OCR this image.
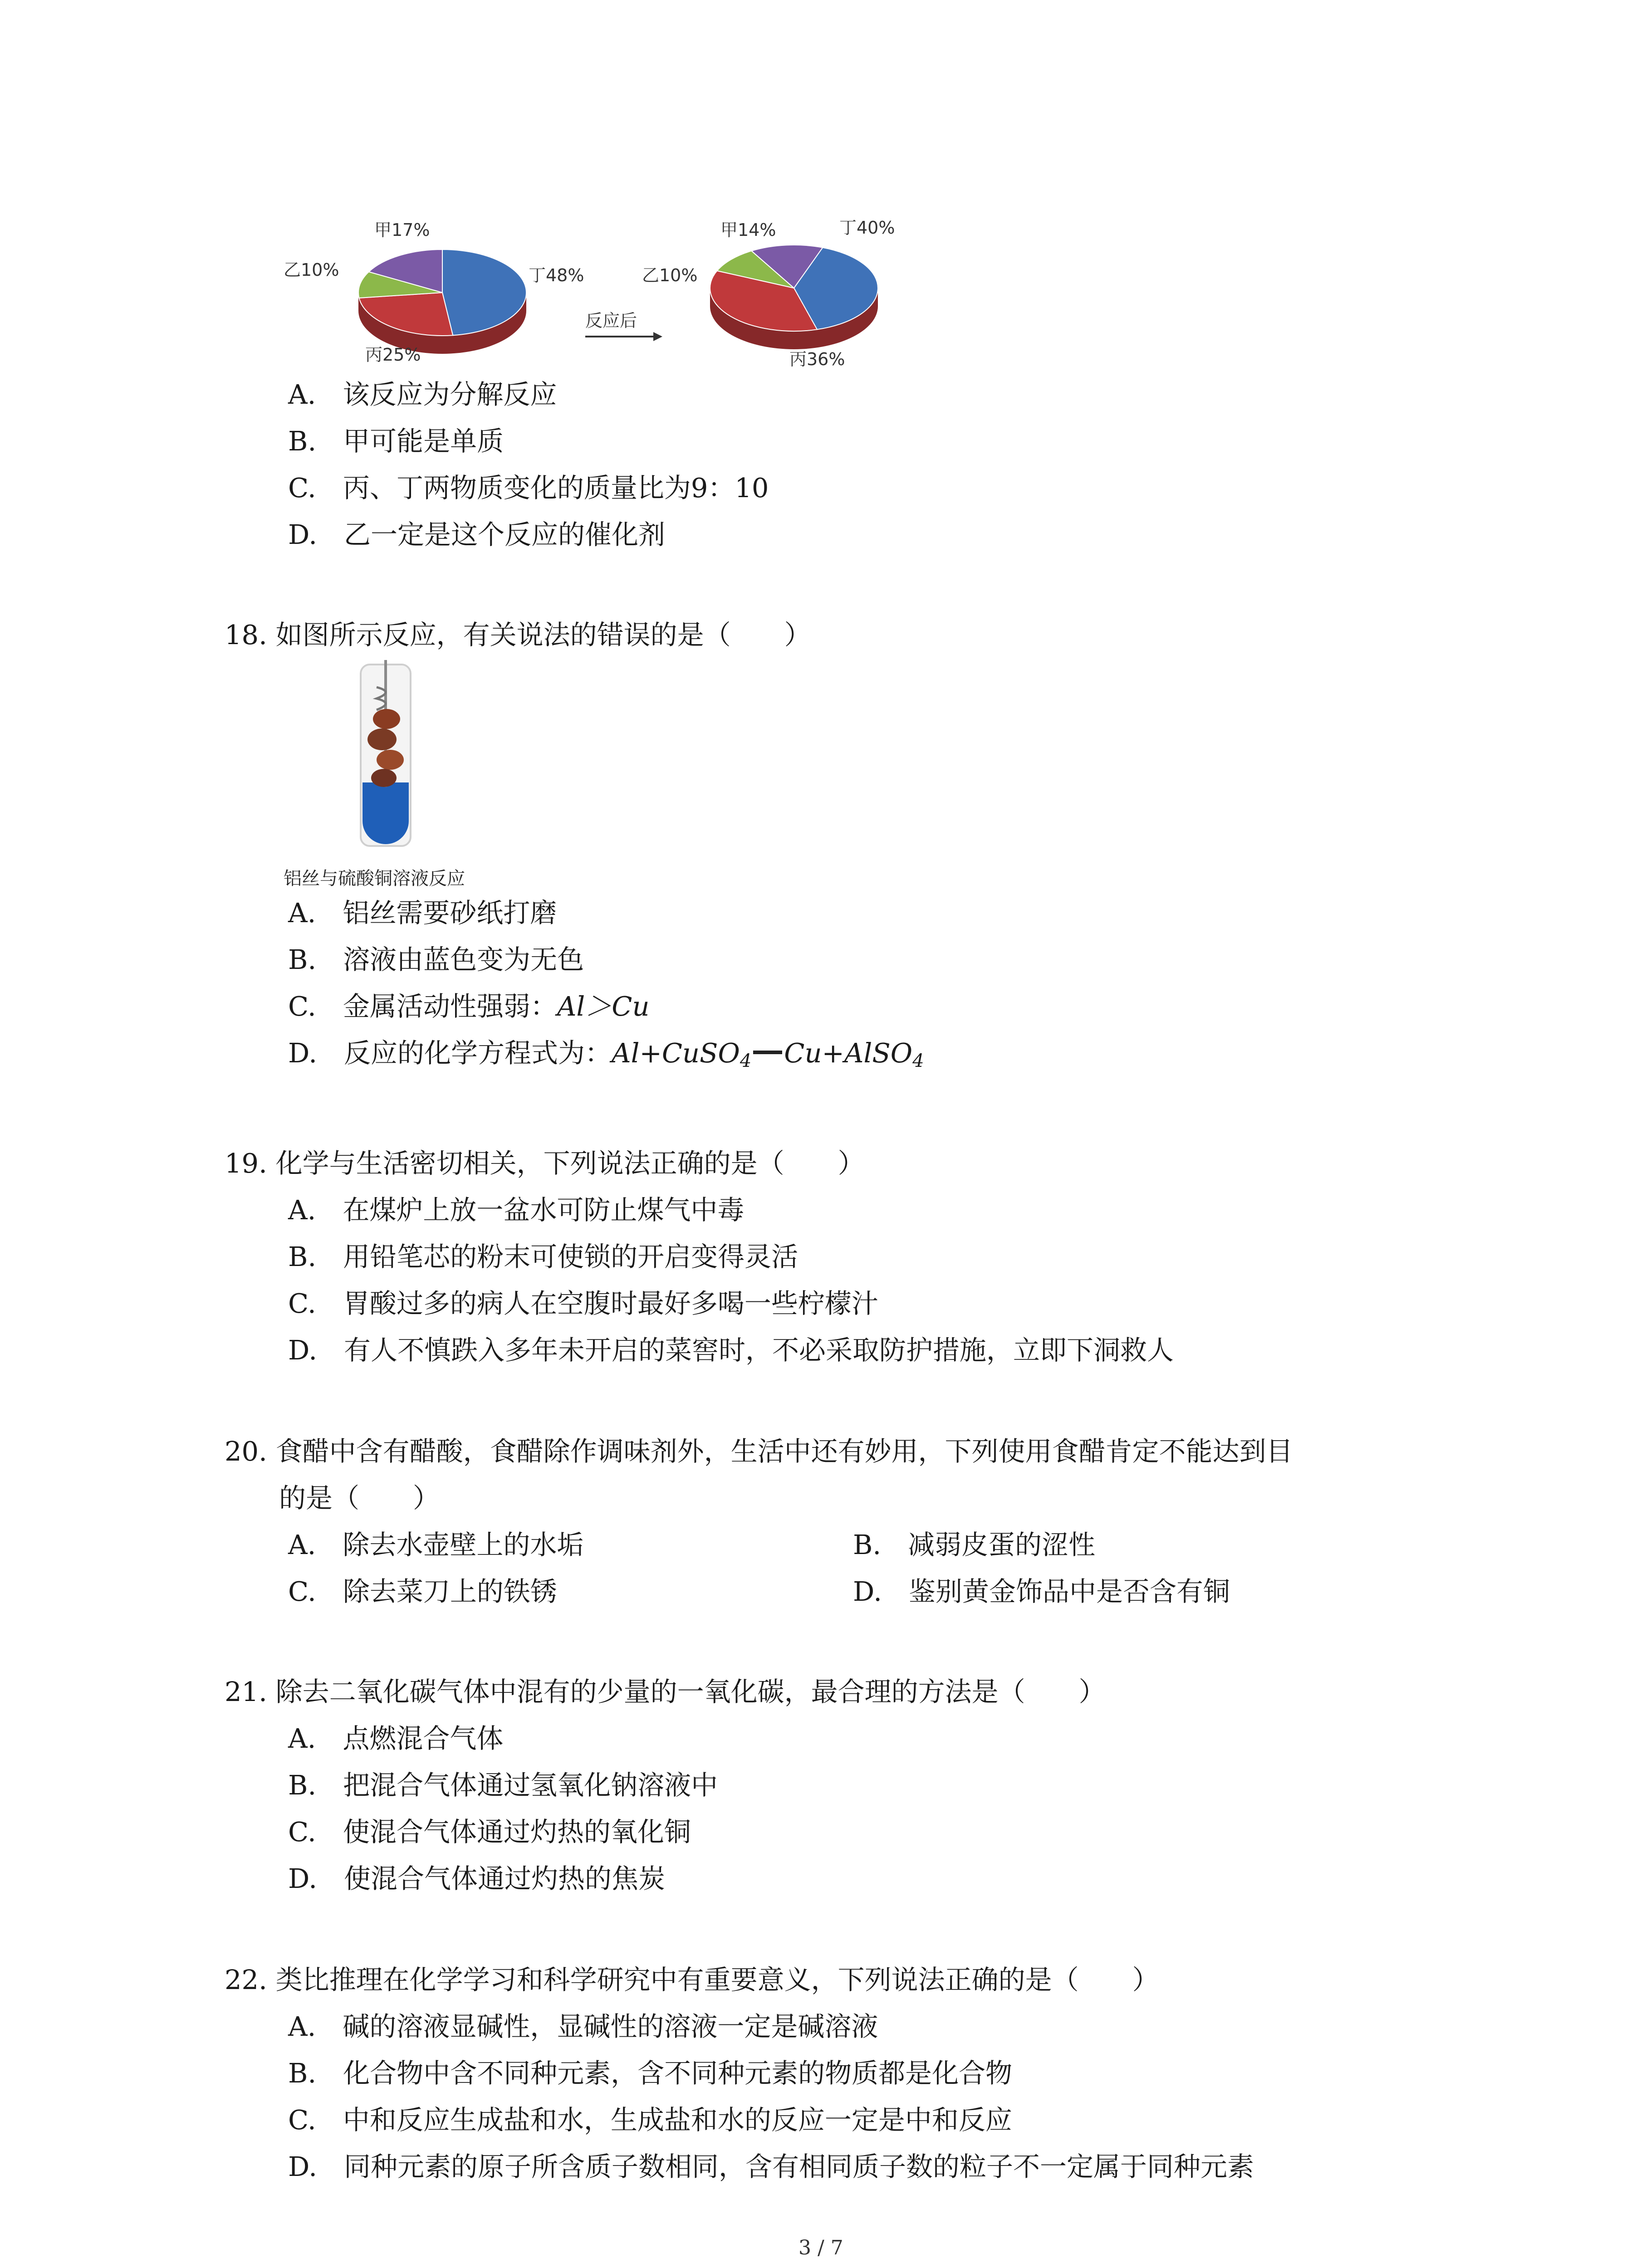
甲17%
乙10%
丙25%
丁48%
反应后
甲14%
乙10%
丙36%
丁40%
A.　 该反应为分解反应
B.　 甲可能是单质
C.　 丙、丁两物质变化的质量比为9：10
D.　 乙一定是这个反应的催化剂
18. 如图所示反应，有关说法的错误的是（　　）
铝丝与硫酸铜溶液反应
A.　 铝丝需要砂纸打磨
B.　 溶液由蓝色变为无色
C.　 金属活动性强弱：Al＞Cu
D.　 反应的化学方程式为：Al+CuSO$_4$ Cu+AlSO$_4$
19. 化学与生活密切相关，下列说法正确的是（　　）
A.　 在煤炉上放一盆水可防止煤气中毒
B.　 用铅笔芯的粉末可使锁的开启变得灵活
C.　 胃酸过多的病人在空腹时最好多喝一些柠檬汁
D.　 有人不慎跌入多年未开启的菜窖时，不必采取防护措施，立即下洞救人
20. 食醋中含有醋酸，食醋除作调味剂外，生活中还有妙用，下列使用食醋肯定不能达到目
的是（　　）
A.　 除去水壶壁上的水垢	B.　 减弱皮蛋的涩性
C.　 除去菜刀上的铁锈	D.　 鉴别黄金饰品中是否含有铜
21. 除去二氧化碳气体中混有的少量的一氧化碳，最合理的方法是（　　）
A.　 点燃混合气体
B.　 把混合气体通过氢氧化钠溶液中
C.　 使混合气体通过灼热的氧化铜
D.　 使混合气体通过灼热的焦炭
22. 类比推理在化学学习和科学研究中有重要意义，下列说法正确的是（　　）
A.　 碱的溶液显碱性，显碱性的溶液一定是碱溶液
B.　 化合物中含不同种元素，含不同种元素的物质都是化合物
C.　 中和反应生成盐和水，生成盐和水的反应一定是中和反应
D.　 同种元素的原子所含质子数相同，含有相同质子数的粒子不一定属于同种元素
3 / 7
